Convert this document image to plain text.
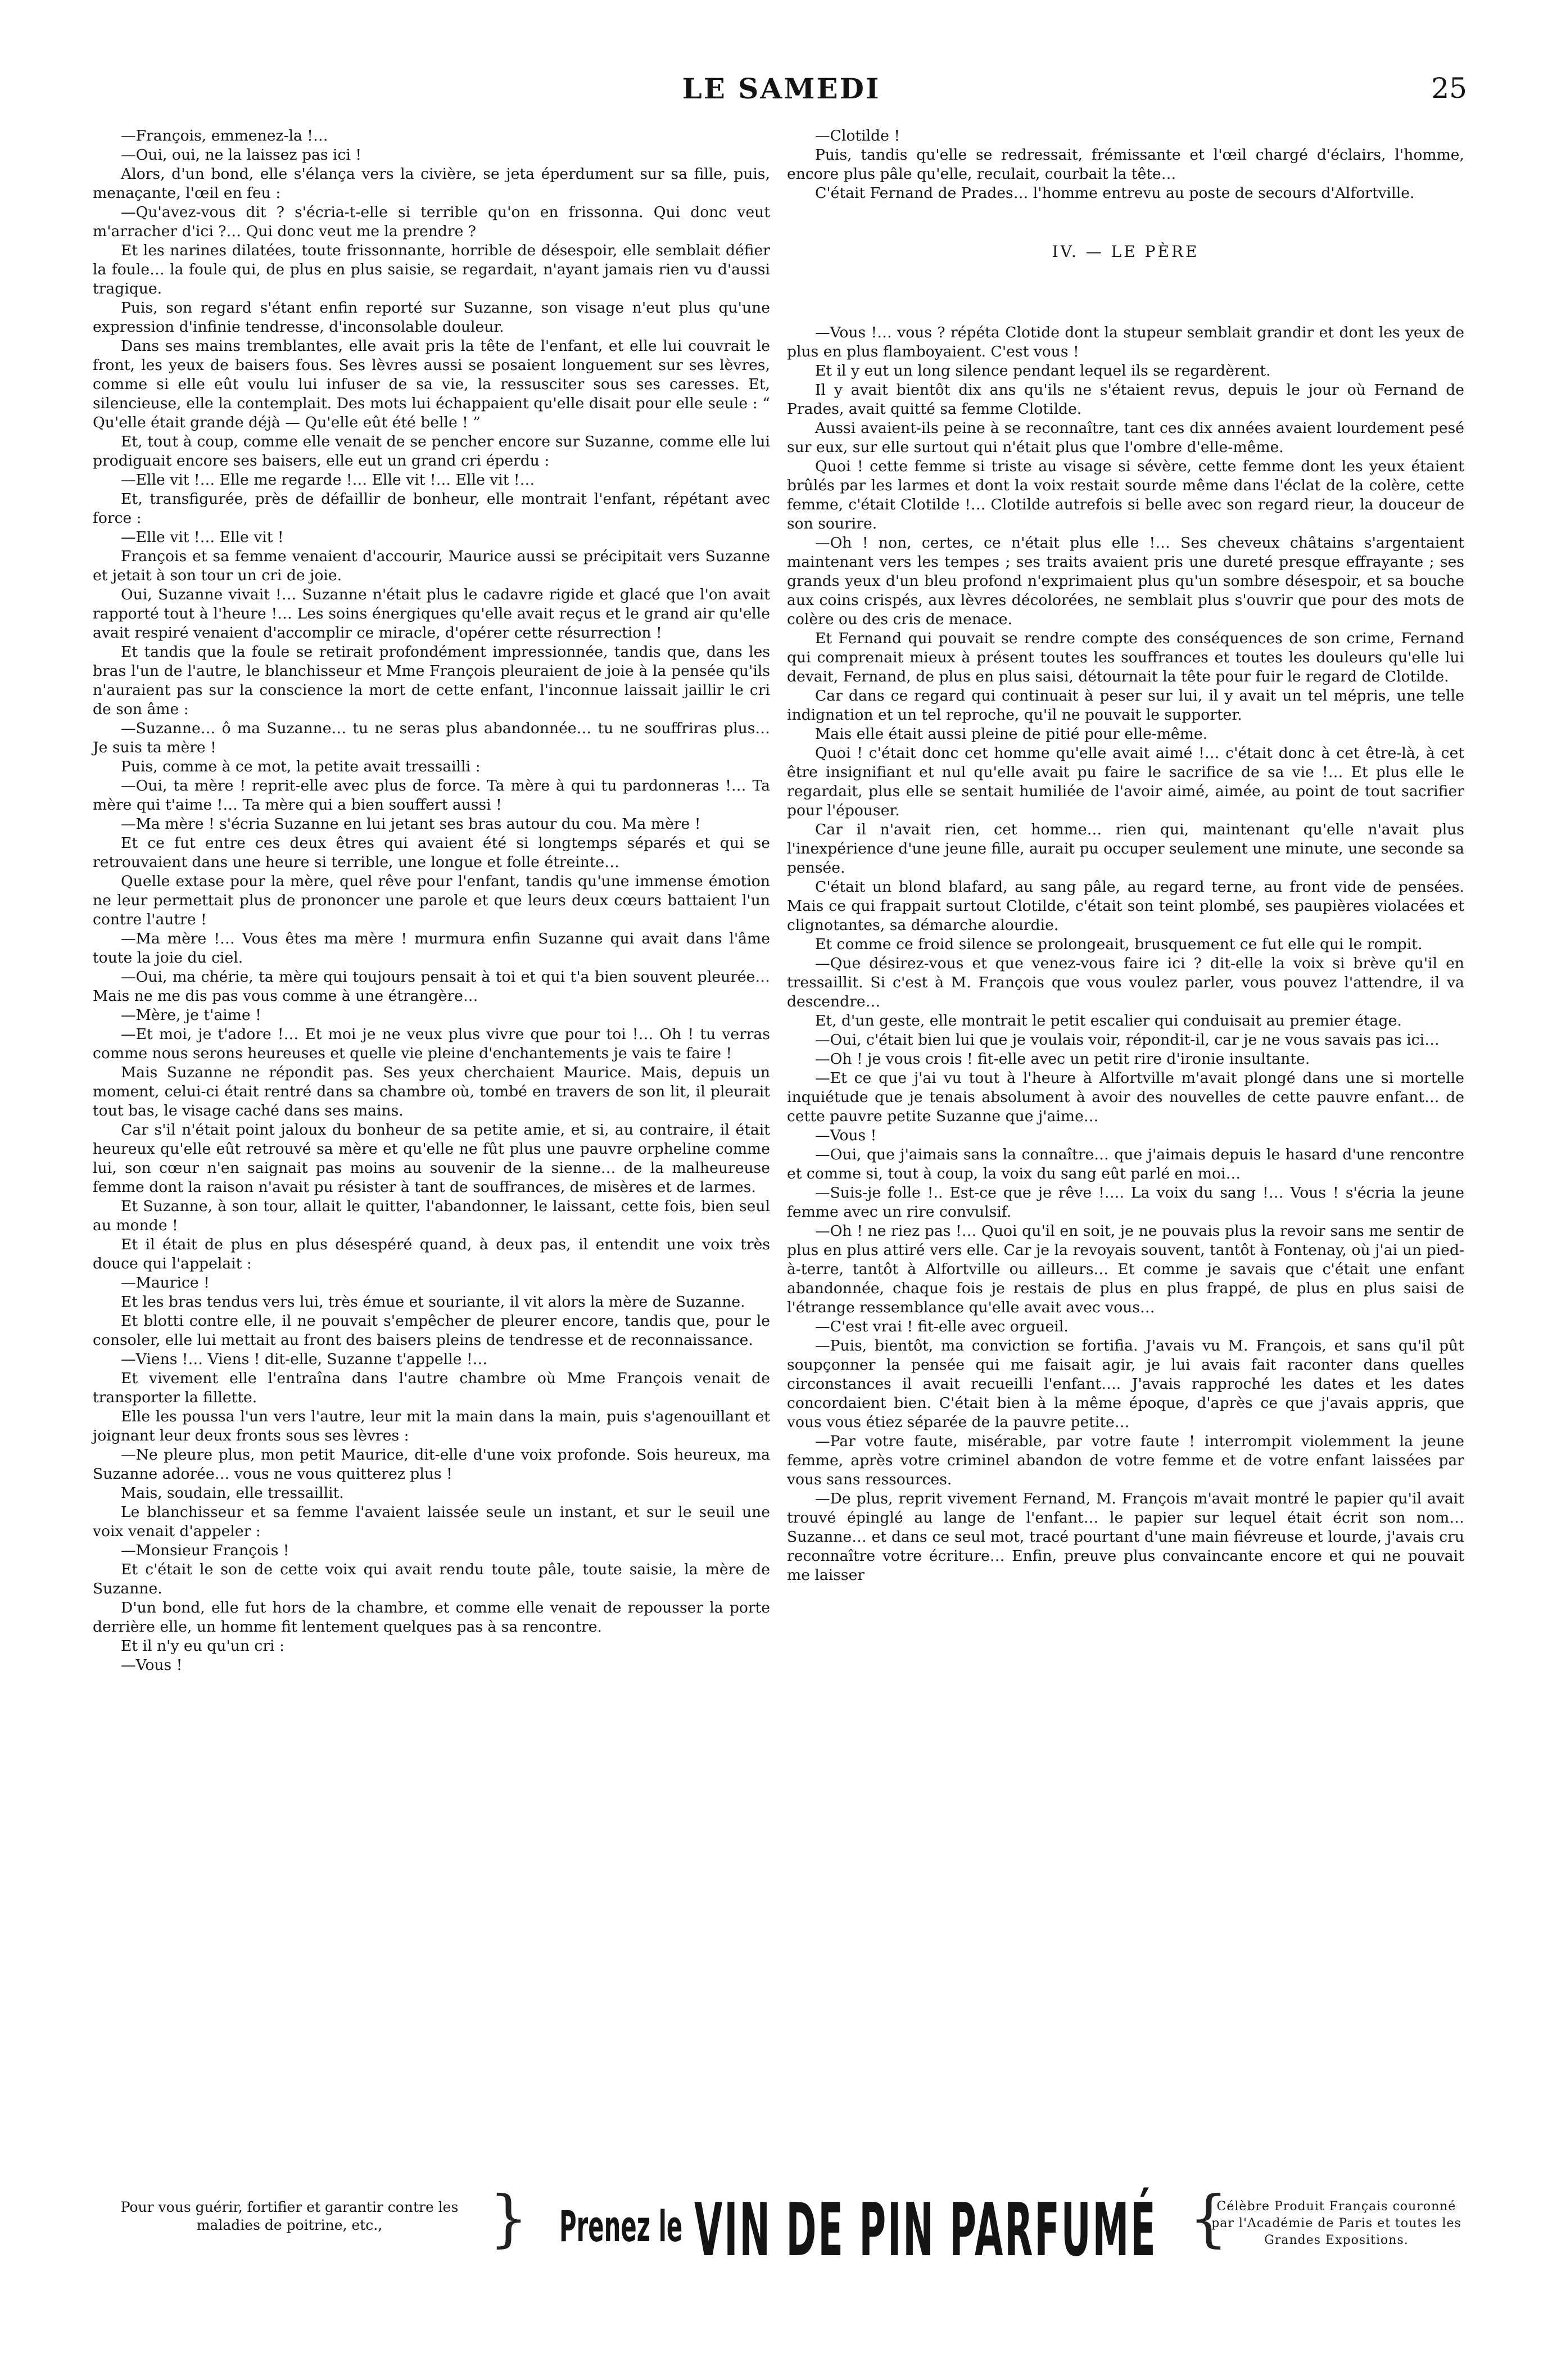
LE SAMEDI	25

—François, emmenez-la !…

—Oui, oui, ne la laissez pas ici !

Alors, d'un bond, elle s'élança vers la civière, se jeta éperdument sur sa fille, puis, menaçante, l'œil en feu :

—Qu'avez-vous dit ? s'écria-t-elle si terrible qu'on en frissonna. Qui donc veut m'arracher d'ici ?… Qui donc veut me la prendre ?

Et les narines dilatées, toute frissonnante, horrible de désespoir, elle semblait défier la foule… la foule qui, de plus en plus saisie, se regardait, n'ayant jamais rien vu d'aussi tragique.

Puis, son regard s'étant enfin reporté sur Suzanne, son visage n'eut plus qu'une expression d'infinie tendresse, d'inconsolable douleur.

Dans ses mains tremblantes, elle avait pris la tête de l'enfant, et elle lui couvrait le front, les yeux de baisers fous. Ses lèvres aussi se posaient longuement sur ses lèvres, comme si elle eût voulu lui infuser de sa vie, la ressusciter sous ses caresses. Et, silencieuse, elle la contemplait. Des mots lui échappaient qu'elle disait pour elle seule : “ Qu'elle était grande déjà — Qu'elle eût été belle ! ”

Et, tout à coup, comme elle venait de se pencher encore sur Suzanne, comme elle lui prodiguait encore ses baisers, elle eut un grand cri éperdu :

—Elle vit !… Elle me regarde !… Elle vit !… Elle vit !…

Et, transfigurée, près de défaillir de bonheur, elle montrait l'enfant, répétant avec force :

—Elle vit !… Elle vit !

François et sa femme venaient d'accourir, Maurice aussi se précipitait vers Suzanne et jetait à son tour un cri de joie.

Oui, Suzanne vivait !… Suzanne n'était plus le cadavre rigide et glacé que l'on avait rapporté tout à l'heure !… Les soins énergiques qu'elle avait reçus et le grand air qu'elle avait respiré venaient d'accomplir ce miracle, d'opérer cette résurrection !

Et tandis que la foule se retirait profondément impressionnée, tandis que, dans les bras l'un de l'autre, le blanchisseur et Mme François pleuraient de joie à la pensée qu'ils n'auraient pas sur la conscience la mort de cette enfant, l'inconnue laissait jaillir le cri de son âme :

—Suzanne… ô ma Suzanne… tu ne seras plus abandonnée… tu ne souffriras plus… Je suis ta mère !

Puis, comme à ce mot, la petite avait tressailli :

—Oui, ta mère ! reprit-elle avec plus de force. Ta mère à qui tu pardonneras !… Ta mère qui t'aime !… Ta mère qui a bien souffert aussi !

—Ma mère ! s'écria Suzanne en lui jetant ses bras autour du cou. Ma mère !

Et ce fut entre ces deux êtres qui avaient été si longtemps séparés et qui se retrouvaient dans une heure si terrible, une longue et folle étreinte…

Quelle extase pour la mère, quel rêve pour l'enfant, tandis qu'une immense émotion ne leur permettait plus de prononcer une parole et que leurs deux cœurs battaient l'un contre l'autre !

—Ma mère !… Vous êtes ma mère ! murmura enfin Suzanne qui avait dans l'âme toute la joie du ciel.

—Oui, ma chérie, ta mère qui toujours pensait à toi et qui t'a bien souvent pleurée… Mais ne me dis pas vous comme à une étrangère…

—Mère, je t'aime !

—Et moi, je t'adore !… Et moi je ne veux plus vivre que pour toi !… Oh ! tu verras comme nous serons heureuses et quelle vie pleine d'enchantements je vais te faire !

Mais Suzanne ne répondit pas. Ses yeux cherchaient Maurice. Mais, depuis un moment, celui-ci était rentré dans sa chambre où, tombé en travers de son lit, il pleurait tout bas, le visage caché dans ses mains.

Car s'il n'était point jaloux du bonheur de sa petite amie, et si, au contraire, il était heureux qu'elle eût retrouvé sa mère et qu'elle ne fût plus une pauvre orpheline comme lui, son cœur n'en saignait pas moins au souvenir de la sienne… de la malheureuse femme dont la raison n'avait pu résister à tant de souffrances, de misères et de larmes.

Et Suzanne, à son tour, allait le quitter, l'abandonner, le laissant, cette fois, bien seul au monde !

Et il était de plus en plus désespéré quand, à deux pas, il entendit une voix très douce qui l'appelait :

—Maurice !

Et les bras tendus vers lui, très émue et souriante, il vit alors la mère de Suzanne.

Et blotti contre elle, il ne pouvait s'empêcher de pleurer encore, tandis que, pour le consoler, elle lui mettait au front des baisers pleins de tendresse et de reconnaissance.

—Viens !… Viens ! dit-elle, Suzanne t'appelle !…

Et vivement elle l'entraîna dans l'autre chambre où Mme François venait de transporter la fillette.

Elle les poussa l'un vers l'autre, leur mit la main dans la main, puis s'agenouillant et joignant leur deux fronts sous ses lèvres :

—Ne pleure plus, mon petit Maurice, dit-elle d'une voix profonde. Sois heureux, ma Suzanne adorée… vous ne vous quitterez plus !

Mais, soudain, elle tressaillit.

Le blanchisseur et sa femme l'avaient laissée seule un instant, et sur le seuil une voix venait d'appeler :

—Monsieur François !

Et c'était le son de cette voix qui avait rendu toute pâle, toute saisie, la mère de Suzanne.

D'un bond, elle fut hors de la chambre, et comme elle venait de repousser la porte derrière elle, un homme fit lentement quelques pas à sa rencontre.

Et il n'y eu qu'un cri :

—Vous !

—Clotilde !

Puis, tandis qu'elle se redressait, frémissante et l'œil chargé d'éclairs, l'homme, encore plus pâle qu'elle, reculait, courbait la tête…

C'était Fernand de Prades… l'homme entrevu au poste de secours d'Alfortville.

IV. — LE PÈRE

—Vous !… vous ? répéta Clotide dont la stupeur semblait grandir et dont les yeux de plus en plus flamboyaient. C'est vous !

Et il y eut un long silence pendant lequel ils se regardèrent.

Il y avait bientôt dix ans qu'ils ne s'étaient revus, depuis le jour où Fernand de Prades, avait quitté sa femme Clotilde.

Aussi avaient-ils peine à se reconnaître, tant ces dix années avaient lourdement pesé sur eux, sur elle surtout qui n'était plus que l'ombre d'elle-même.

Quoi ! cette femme si triste au visage si sévère, cette femme dont les yeux étaient brûlés par les larmes et dont la voix restait sourde même dans l'éclat de la colère, cette femme, c'était Clotilde !… Clotilde autrefois si belle avec son regard rieur, la douceur de son sourire.

—Oh ! non, certes, ce n'était plus elle !… Ses cheveux châtains s'argentaient maintenant vers les tempes ; ses traits avaient pris une dureté presque effrayante ; ses grands yeux d'un bleu profond n'exprimaient plus qu'un sombre désespoir, et sa bouche aux coins crispés, aux lèvres décolorées, ne semblait plus s'ouvrir que pour des mots de colère ou des cris de menace.

Et Fernand qui pouvait se rendre compte des conséquences de son crime, Fernand qui comprenait mieux à présent toutes les souffrances et toutes les douleurs qu'elle lui devait, Fernand, de plus en plus saisi, détournait la tête pour fuir le regard de Clotilde.

Car dans ce regard qui continuait à peser sur lui, il y avait un tel mépris, une telle indignation et un tel reproche, qu'il ne pouvait le supporter.

Mais elle était aussi pleine de pitié pour elle-même.

Quoi ! c'était donc cet homme qu'elle avait aimé !… c'était donc à cet être-là, à cet être insignifiant et nul qu'elle avait pu faire le sacrifice de sa vie !… Et plus elle le regardait, plus elle se sentait humiliée de l'avoir aimé, aimée, au point de tout sacrifier pour l'épouser.

Car il n'avait rien, cet homme… rien qui, maintenant qu'elle n'avait plus l'inexpérience d'une jeune fille, aurait pu occuper seulement une minute, une seconde sa pensée.

C'était un blond blafard, au sang pâle, au regard terne, au front vide de pensées. Mais ce qui frappait surtout Clotilde, c'était son teint plombé, ses paupières violacées et clignotantes, sa démarche alourdie.

Et comme ce froid silence se prolongeait, brusquement ce fut elle qui le rompit.

—Que désirez-vous et que venez-vous faire ici ? dit-elle la voix si brève qu'il en tressaillit. Si c'est à M. François que vous voulez parler, vous pouvez l'attendre, il va descendre…

Et, d'un geste, elle montrait le petit escalier qui conduisait au premier étage.

—Oui, c'était bien lui que je voulais voir, répondit-il, car je ne vous savais pas ici…

—Oh ! je vous crois ! fit-elle avec un petit rire d'ironie insultante.

—Et ce que j'ai vu tout à l'heure à Alfortville m'avait plongé dans une si mortelle inquiétude que je tenais absolument à avoir des nouvelles de cette pauvre enfant… de cette pauvre petite Suzanne que j'aime…

—Vous !

—Oui, que j'aimais sans la connaître… que j'aimais depuis le hasard d'une rencontre et comme si, tout à coup, la voix du sang eût parlé en moi…

—Suis-je folle !.. Est-ce que je rêve !…. La voix du sang !… Vous ! s'écria la jeune femme avec un rire convulsif.

—Oh ! ne riez pas !… Quoi qu'il en soit, je ne pouvais plus la revoir sans me sentir de plus en plus attiré vers elle. Car je la revoyais souvent, tantôt à Fontenay, où j'ai un pied-à-terre, tantôt à Alfortville ou ailleurs… Et comme je savais que c'était une enfant abandonnée, chaque fois je restais de plus en plus frappé, de plus en plus saisi de l'étrange ressemblance qu'elle avait avec vous…

—C'est vrai ! fit-elle avec orgueil.

—Puis, bientôt, ma conviction se fortifia. J'avais vu M. François, et sans qu'il pût soupçonner la pensée qui me faisait agir, je lui avais fait raconter dans quelles circonstances il avait recueilli l'enfant…. J'avais rapproché les dates et les dates concordaient bien. C'était bien à la même époque, d'après ce que j'avais appris, que vous vous étiez séparée de la pauvre petite…

—Par votre faute, misérable, par votre faute ! interrompit violemment la jeune femme, après votre criminel abandon de votre femme et de votre enfant laissées par vous sans ressources.

—De plus, reprit vivement Fernand, M. François m'avait montré le papier qu'il avait trouvé épinglé au lange de l'enfant… le papier sur lequel était écrit son nom… Suzanne… et dans ce seul mot, tracé pourtant d'une main fiévreuse et lourde, j'avais cru reconnaître votre écriture… Enfin, preuve plus convaincante encore et qui ne pouvait me laisser

Pour vous guérir, fortifier et garantir contre les maladies de poitrine, etc.,	} Prenez le VIN DE PIN PARFUMÉ {
Célèbre Produit Français couronné par l'Académie de Paris et toutes les Grandes Expositions.
